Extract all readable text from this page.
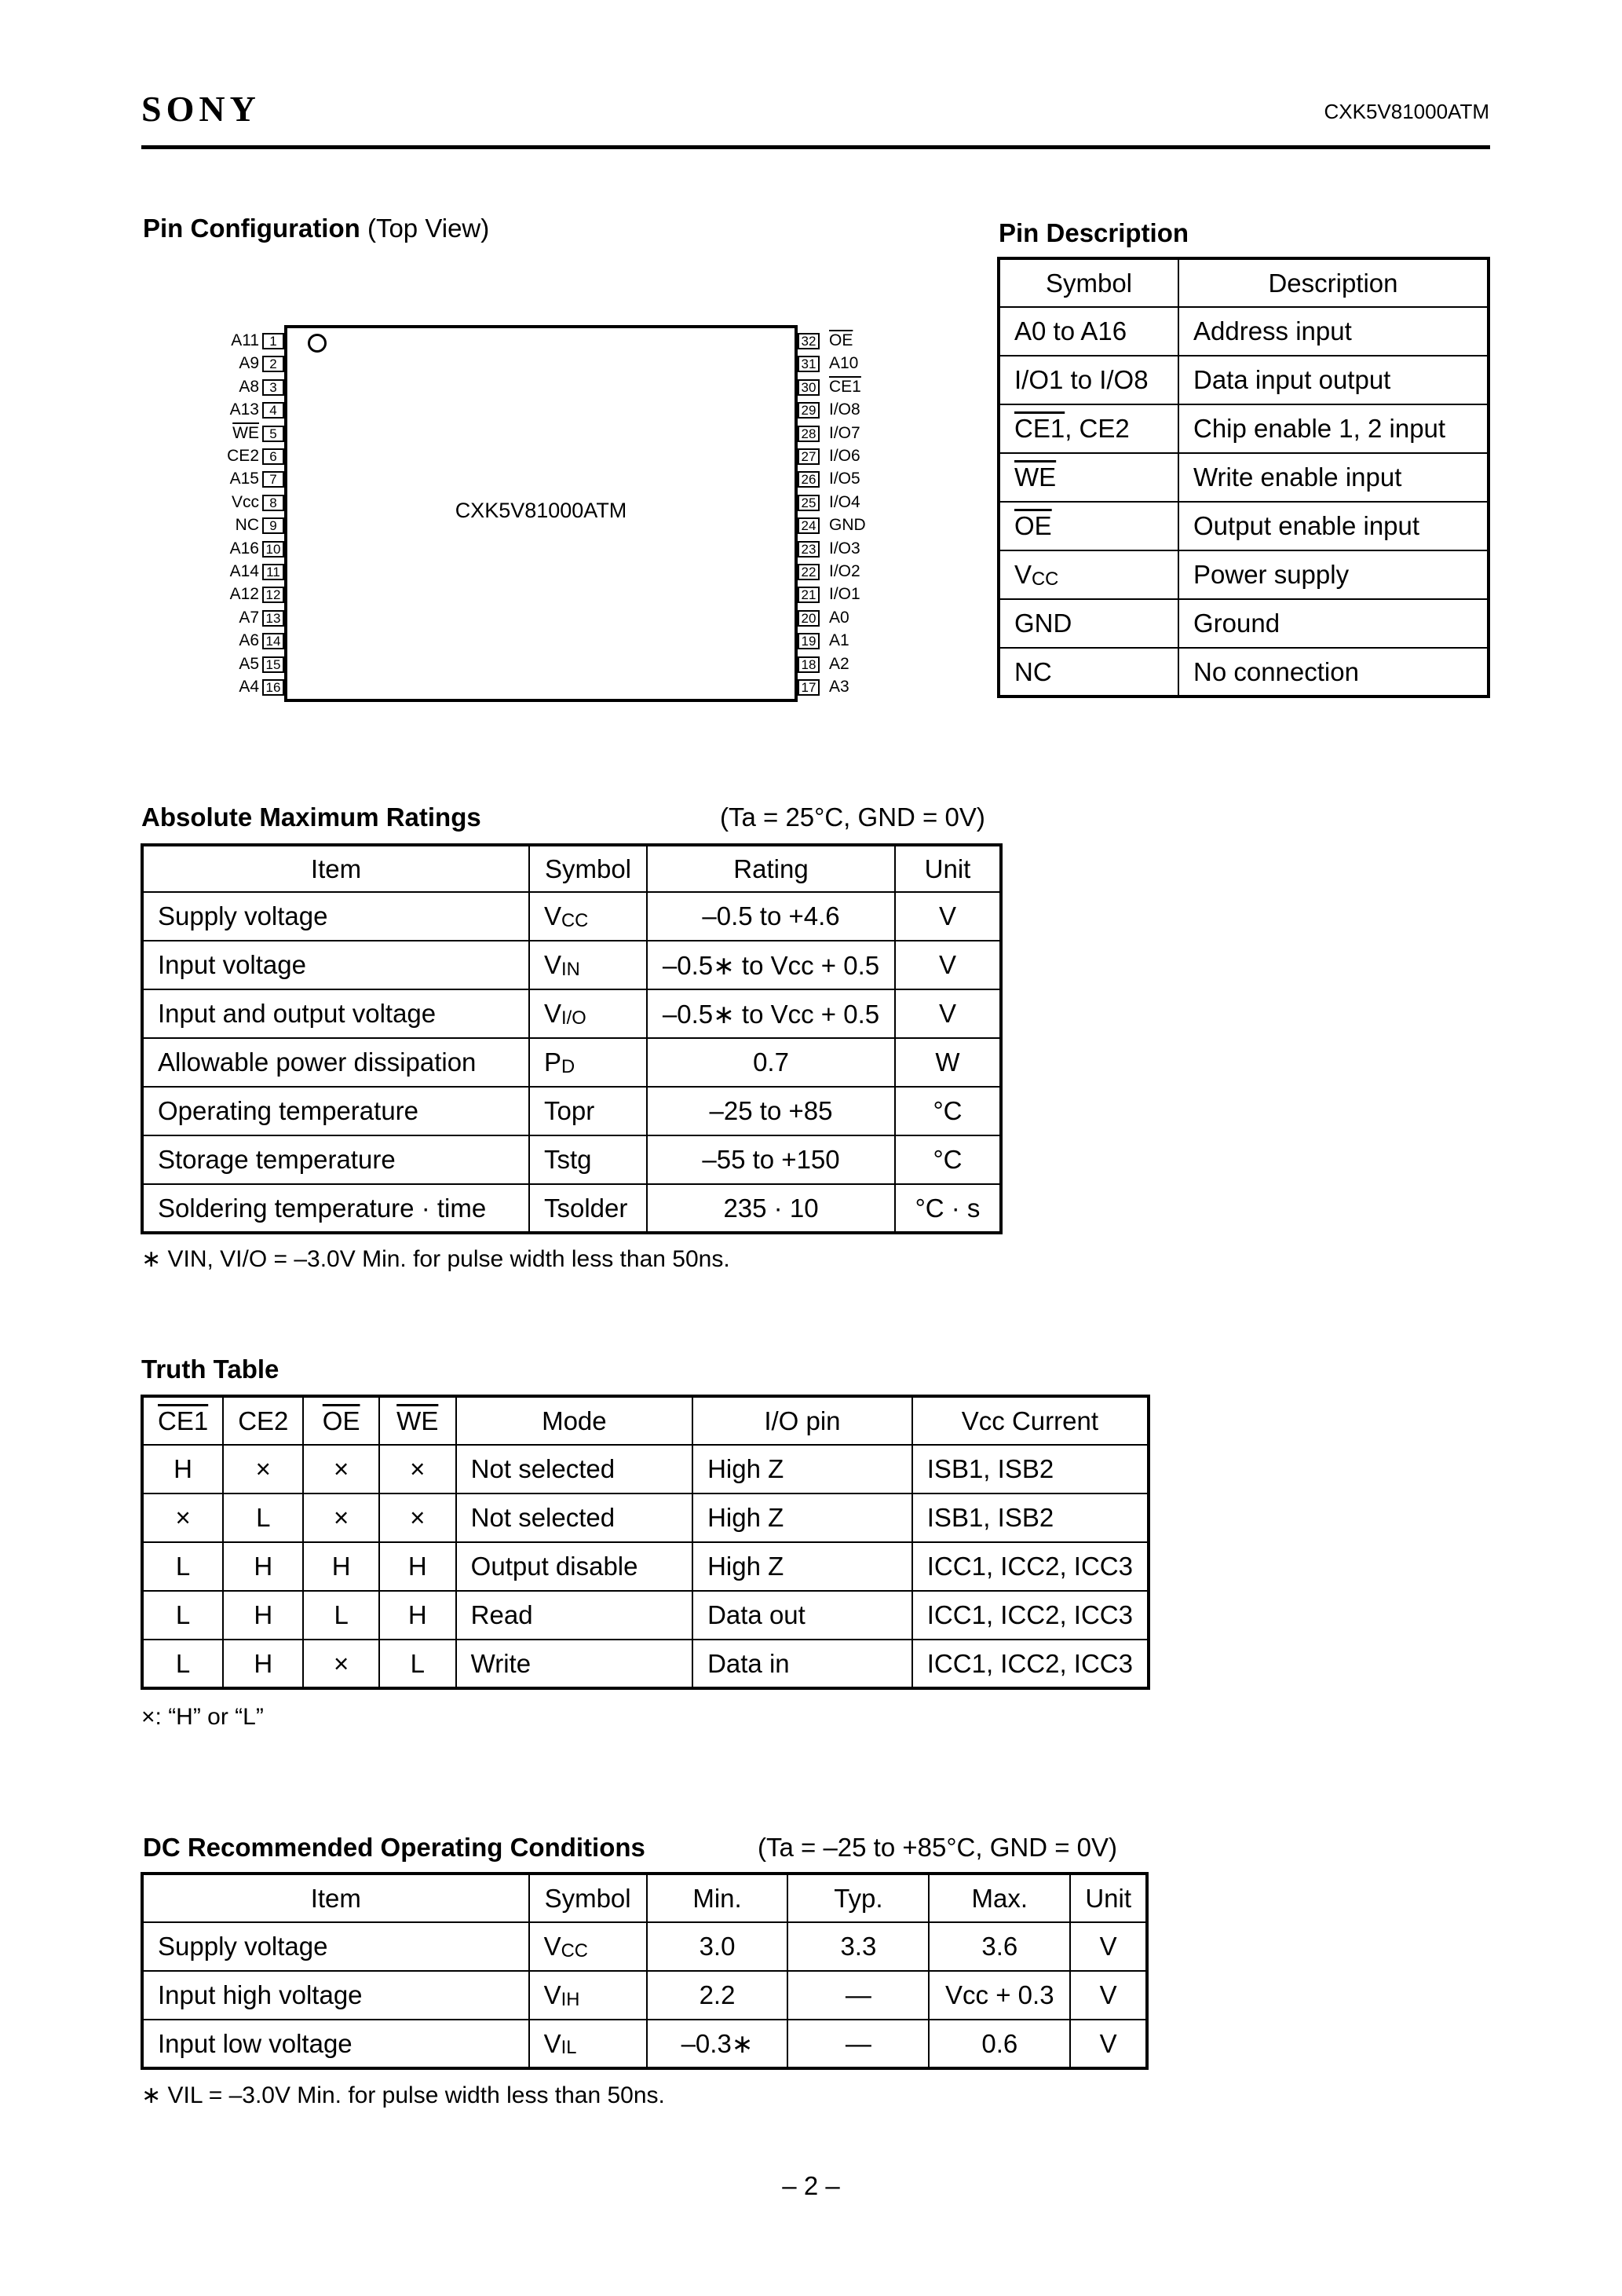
SONY	CXK5V81000ATM
Pin Configuration (Top View)
CXK5V81000ATM
A11 1
A9 2
A8 3
A13 4
$\overline{WE}$ 5
CE2 6
A15 7
Vcc 8
NC 9
A16 10
A14 11
A12 12
A7 13
A6 14
A5 15
A4 16
32 $\overline{OE}$
31 A10
30 CE1
29 I/O8
28 I/O7
27 I/O6
26 I/O5
25 I/O4
24 GND
23 I/O3
22 I/O2
21 I/O1
20 A0
19 A1
18 A2
17 A3
Pin Description
Symbol	Description
A0 to A16	Address input
I/O1 to I/O8	Data input output
CE1, CE2	Chip enable 1, 2 input
$\overline{WE}$	Write enable input
$\overline{OE}$	Output enable input
$V_{CC}$	Power supply
GND	Ground
NC	No connection
Absolute Maximum Ratings	(Ta = 25°C, GND = 0V)
Item	Symbol	Rating	Unit
Supply voltage	$V_{CC}$	–0.5 to +4.6	V
Input voltage	$V_{IN}$	–0.5∗ to Vcc + 0.5	V
Input and output voltage	$V_{I/O}$	–0.5∗ to Vcc + 0.5	V
Allowable power dissipation	$P_D$	0.7	W
Operating temperature	Topr	–25 to +85	°C
Storage temperature	Tstg	–55 to +150	°C
Soldering temperature · time	Tsolder	235 · 10	°C · s
∗ VIN, VI/O = –3.0V Min. for pulse width less than 50ns.
Truth Table
CE1	CE2	$\overline{OE}$	$\overline{WE}$	Mode	I/O pin	Vcc Current
H	×	×	×	Not selected	High Z	ISB1, ISB2
×	L	×	×	Not selected	High Z	ISB1, ISB2
L	H	H	H	Output disable	High Z	ICC1, ICC2, ICC3
L	H	L	H	Read	Data out	ICC1, ICC2, ICC3
L	H	×	L	Write	Data in	ICC1, ICC2, ICC3
×: “H” or “L”
DC Recommended Operating Conditions	(Ta = –25 to +85°C, GND = 0V)
Item	Symbol	Min.	Typ.	Max.	Unit
Supply voltage	$V_{CC}$	3.0	3.3	3.6	V
Input high voltage	$V_{IH}$	2.2	—	Vcc + 0.3	V
Input low voltage	$V_{IL}$	–0.3∗	—	0.6	V
∗ VIL = –3.0V Min. for pulse width less than 50ns.
– 2 –
